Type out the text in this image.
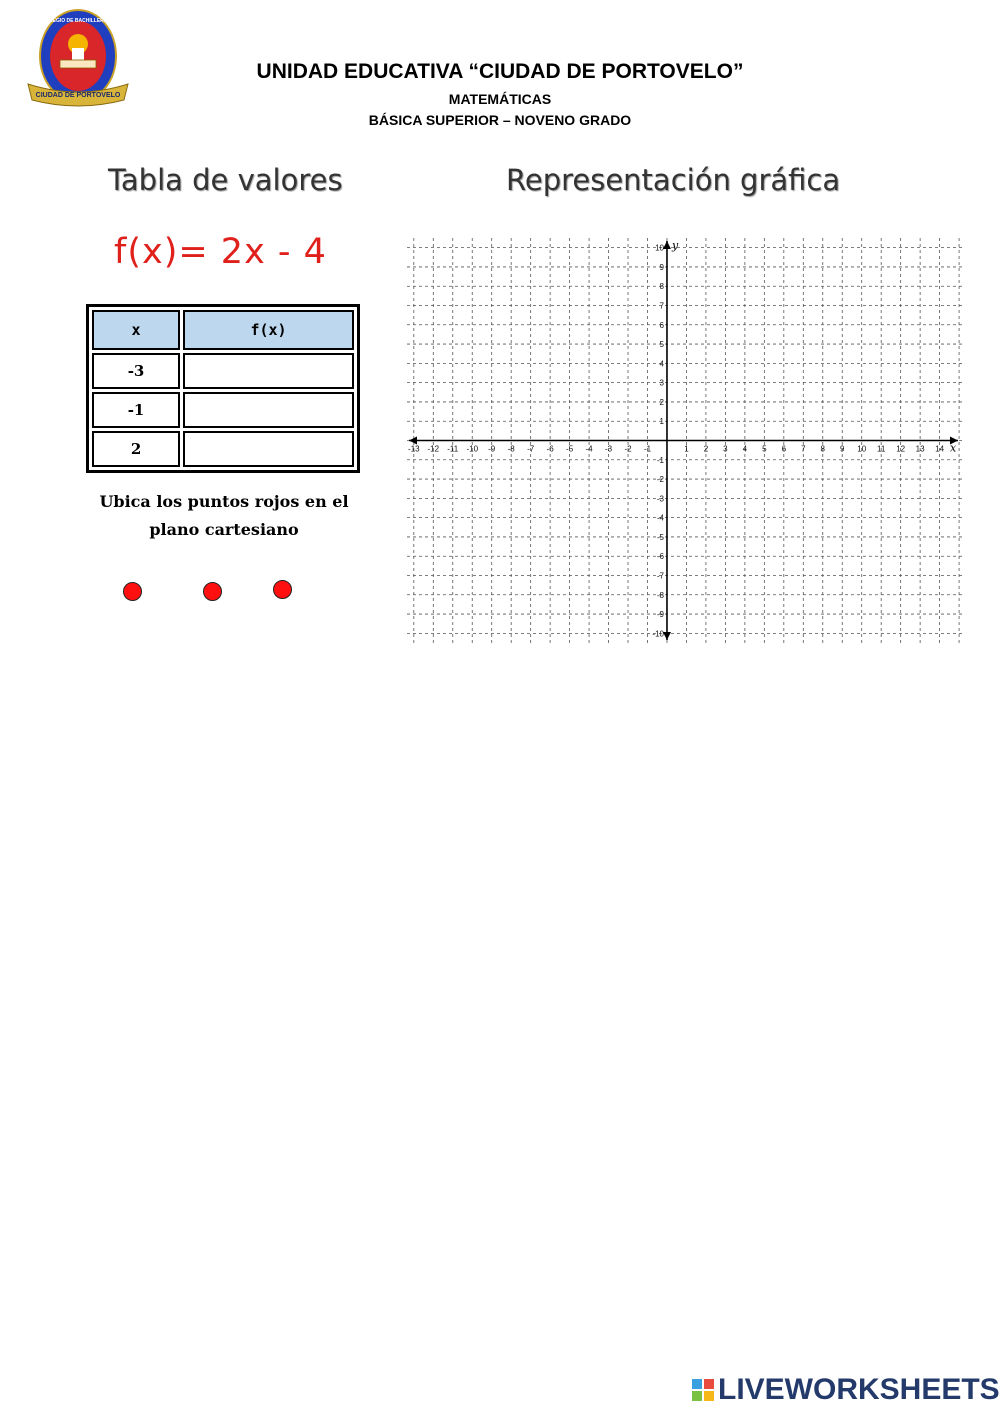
CIUDAD DE PORTOVELO
COLEGIO DE BACHILLERATO
EL ORO
UNIDAD EDUCATIVA “CIUDAD DE PORTOVELO”
MATEMÁTICAS
BÁSICA SUPERIOR – NOVENO GRADO
Tabla de valores	Representación gráfica
f(x)= 2x - 4
x	f(x)
-3	
-1	
2	
Ubica los puntos rojos en el plano cartesiano
-13 -12 -11 -10 -9 -8 -7 -6 -5 -4 -3 -2 -1	1 2 3 4 5 6 7 8 9 10 11 12 13 14
-10
-9
-8
-7
-6
-5
-4
-3
-2
-1
1
2
3
4
5
6
7
8
9
10
x
y
LIVEWORKSHEETS
